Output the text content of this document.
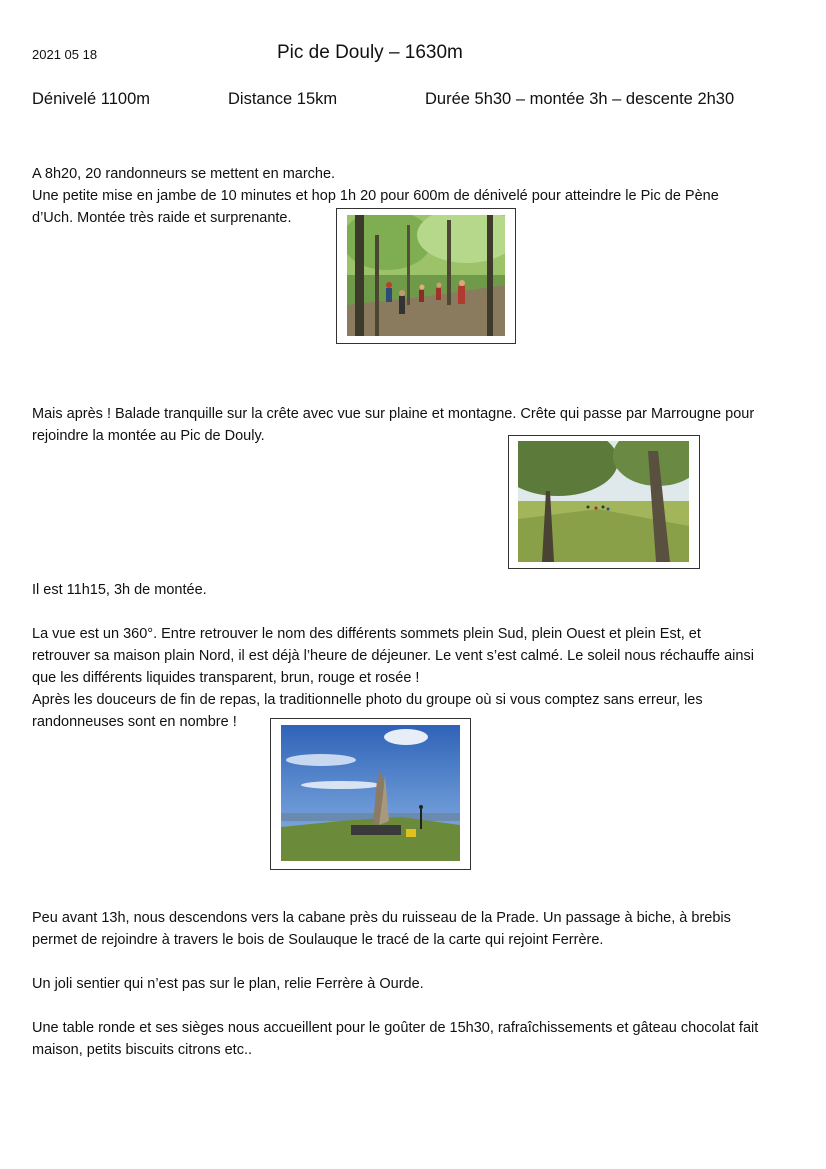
2021 05 18	Pic de Douly – 1630m
Dénivelé 1100m	Distance 15km	Durée 5h30 – montée 3h – descente 2h30
A 8h20, 20 randonneurs se mettent en marche.
Une petite mise en jambe de 10 minutes et hop 1h 20 pour 600m de dénivelé pour atteindre le Pic de Pène
d’Uch. Montée très raide et surprenante.
Mais après ! Balade tranquille sur la crête avec vue sur plaine et montagne. Crête qui passe par Marrougne pour
rejoindre la montée au Pic de Douly.
Il est 11h15, 3h de montée.
La vue est un 360°. Entre retrouver le nom des différents sommets plein Sud, plein Ouest et plein Est, et
retrouver sa maison plain Nord, il est déjà l’heure de déjeuner. Le vent s’est calmé. Le soleil nous réchauffe ainsi
que les différents liquides transparent, brun, rouge et rosée !
Après les douceurs de fin de repas, la traditionnelle photo du groupe où si vous comptez sans erreur, les
randonneuses sont en nombre !
Peu avant 13h, nous descendons vers la cabane près du ruisseau de la Prade. Un passage à biche, à brebis
permet de rejoindre à travers le bois de Soulauque le tracé de la carte qui rejoint Ferrère.
Un joli sentier qui n’est pas sur le plan, relie Ferrère à Ourde.
Une table ronde et ses sièges nous accueillent pour le goûter de 15h30, rafraîchissements et gâteau chocolat fait
maison, petits biscuits citrons etc..
